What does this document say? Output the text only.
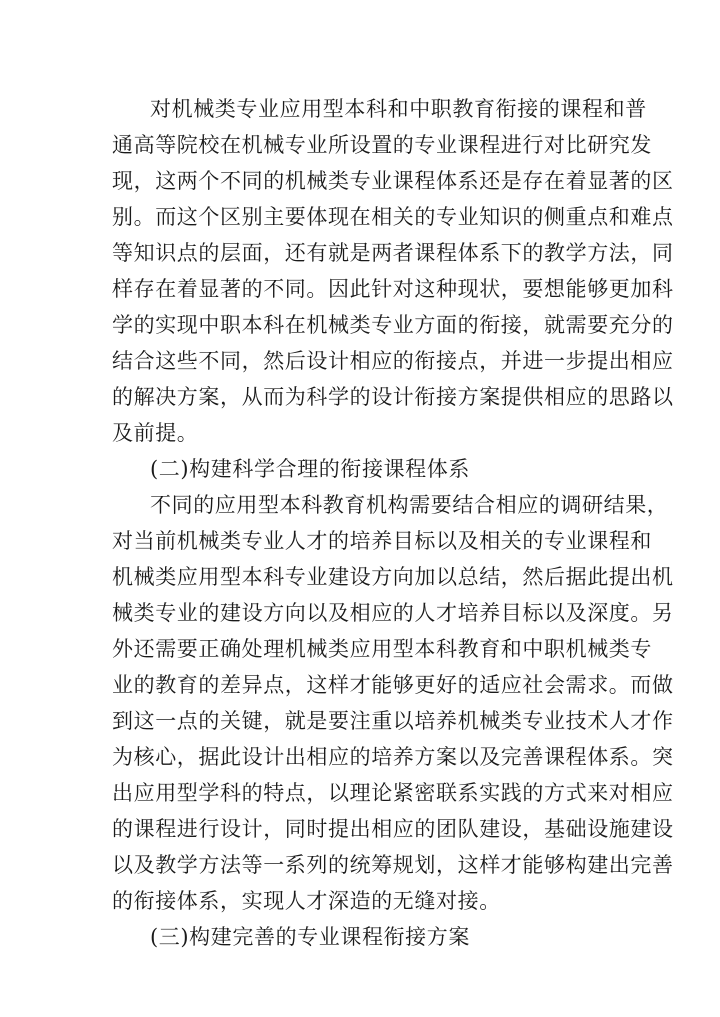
对机械类专业应用型本科和中职教育衔接的课程和普
通高等院校在机械专业所设置的专业课程进行对比研究发
现，这两个不同的机械类专业课程体系还是存在着显著的区
别。而这个区别主要体现在相关的专业知识的侧重点和难点
等知识点的层面，还有就是两者课程体系下的教学方法，同
样存在着显著的不同。因此针对这种现状，要想能够更加科
学的实现中职本科在机械类专业方面的衔接，就需要充分的
结合这些不同，然后设计相应的衔接点，并进一步提出相应
的解决方案，从而为科学的设计衔接方案提供相应的思路以
及前提。
(二)构建科学合理的衔接课程体系
不同的应用型本科教育机构需要结合相应的调研结果，
对当前机械类专业人才的培养目标以及相关的专业课程和
机械类应用型本科专业建设方向加以总结，然后据此提出机
械类专业的建设方向以及相应的人才培养目标以及深度。另
外还需要正确处理机械类应用型本科教育和中职机械类专
业的教育的差异点，这样才能够更好的适应社会需求。而做
到这一点的关键，就是要注重以培养机械类专业技术人才作
为核心，据此设计出相应的培养方案以及完善课程体系。突
出应用型学科的特点，以理论紧密联系实践的方式来对相应
的课程进行设计，同时提出相应的团队建设，基础设施建设
以及教学方法等一系列的统筹规划，这样才能够构建出完善
的衔接体系，实现人才深造的无缝对接。
(三)构建完善的专业课程衔接方案
